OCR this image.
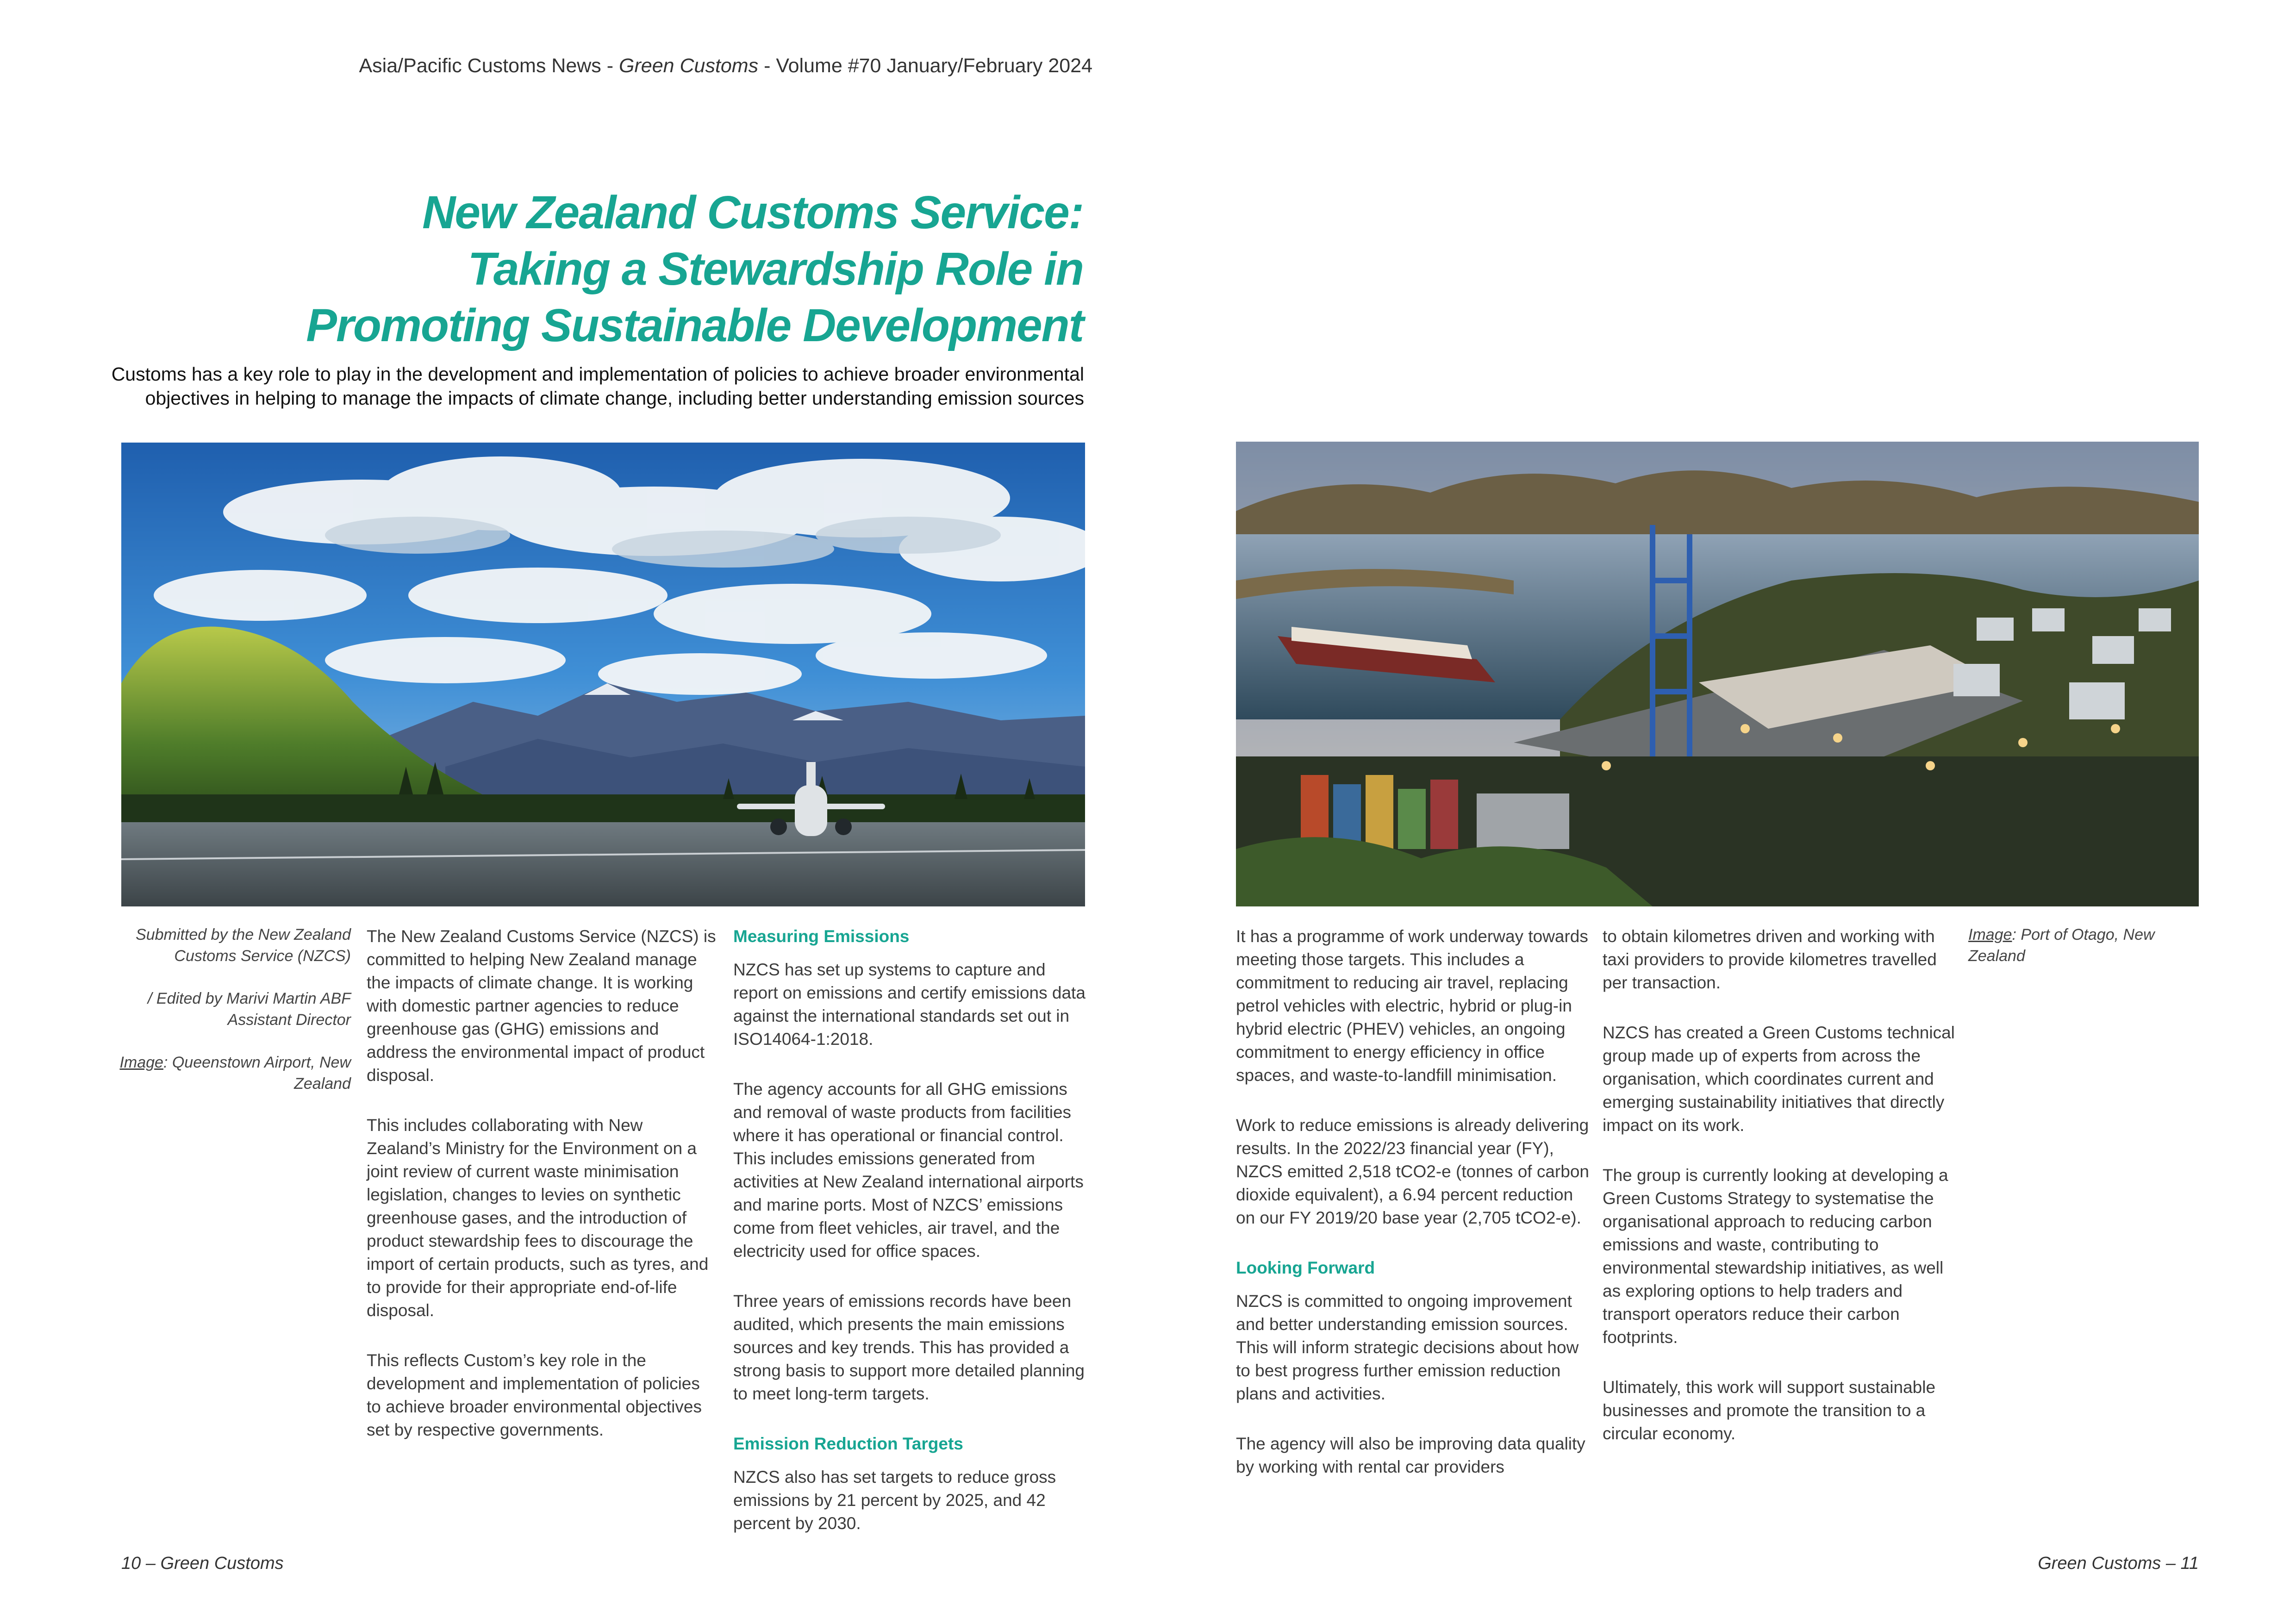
Asia/Pacific Customs News - Green Customs - Volume #70 January/February 2024
New Zealand Customs Service:
Taking a Stewardship Role in
Promoting Sustainable Development
Customs has a key role to play in the development and implementation of policies to achieve broader environmental
objectives in helping to manage the impacts of climate change, including better understanding emission sources

Submitted by the New Zealand Customs Service (NZCS)

/ Edited by Marivi Martin ABF Assistant Director

Image: Queenstown Airport, New Zealand

The New Zealand Customs Service (NZCS) is committed to helping New Zealand manage the impacts of climate change. It is working with domestic partner agencies to reduce greenhouse gas (GHG) emissions and address the environmental impact of product disposal.

This includes collaborating with New Zealand’s Ministry for the Environment on a joint review of current waste minimisation legislation, changes to levies on synthetic greenhouse gases, and the introduction of product stewardship fees to discourage the import of certain products, such as tyres, and to provide for their appropriate end-of-life disposal.

This reflects Custom’s key role in the development and implementation of policies to achieve broader environmental objectives set by respective governments.

Measuring Emissions

NZCS has set up systems to capture and report on emissions and certify emissions data against the international standards set out in ISO14064-1:2018.

The agency accounts for all GHG emissions and removal of waste products from facilities where it has operational or financial control. This includes emissions generated from activities at New Zealand international airports and marine ports. Most of NZCS’ emissions come from fleet vehicles, air travel, and the electricity used for office spaces.

Three years of emissions records have been audited, which presents the main emissions sources and key trends. This has provided a strong basis to support more detailed planning to meet long-term targets.

Emission Reduction Targets

NZCS also has set targets to reduce gross emissions by 21 percent by 2025, and 42 percent by 2030.

It has a programme of work underway towards meeting those targets. This includes a commitment to reducing air travel, replacing petrol vehicles with electric, hybrid or plug-in hybrid electric (PHEV) vehicles, an ongoing commitment to energy efficiency in office spaces, and waste-to-landfill minimisation.

Work to reduce emissions is already delivering results. In the 2022/23 financial year (FY), NZCS emitted 2,518 tCO2-e (tonnes of carbon dioxide equivalent), a 6.94 percent reduction on our FY 2019/20 base year (2,705 tCO2-e).

Looking Forward

NZCS is committed to ongoing improvement and better understanding emission sources. This will inform strategic decisions about how to best progress further emission reduction plans and activities.

The agency will also be improving data quality by working with rental car providers

to obtain kilometres driven and working with taxi providers to provide kilometres travelled per transaction.

NZCS has created a Green Customs technical group made up of experts from across the organisation, which coordinates current and emerging sustainability initiatives that directly impact on its work.

The group is currently looking at developing a Green Customs Strategy to systematise the organisational approach to reducing carbon emissions and waste, contributing to environmental stewardship initiatives, as well as exploring options to help traders and transport operators reduce their carbon footprints.

Ultimately, this work will support sustainable businesses and promote the transition to a circular economy.

Image: Port of Otago, New Zealand
10 – Green Customs	Green Customs – 11
